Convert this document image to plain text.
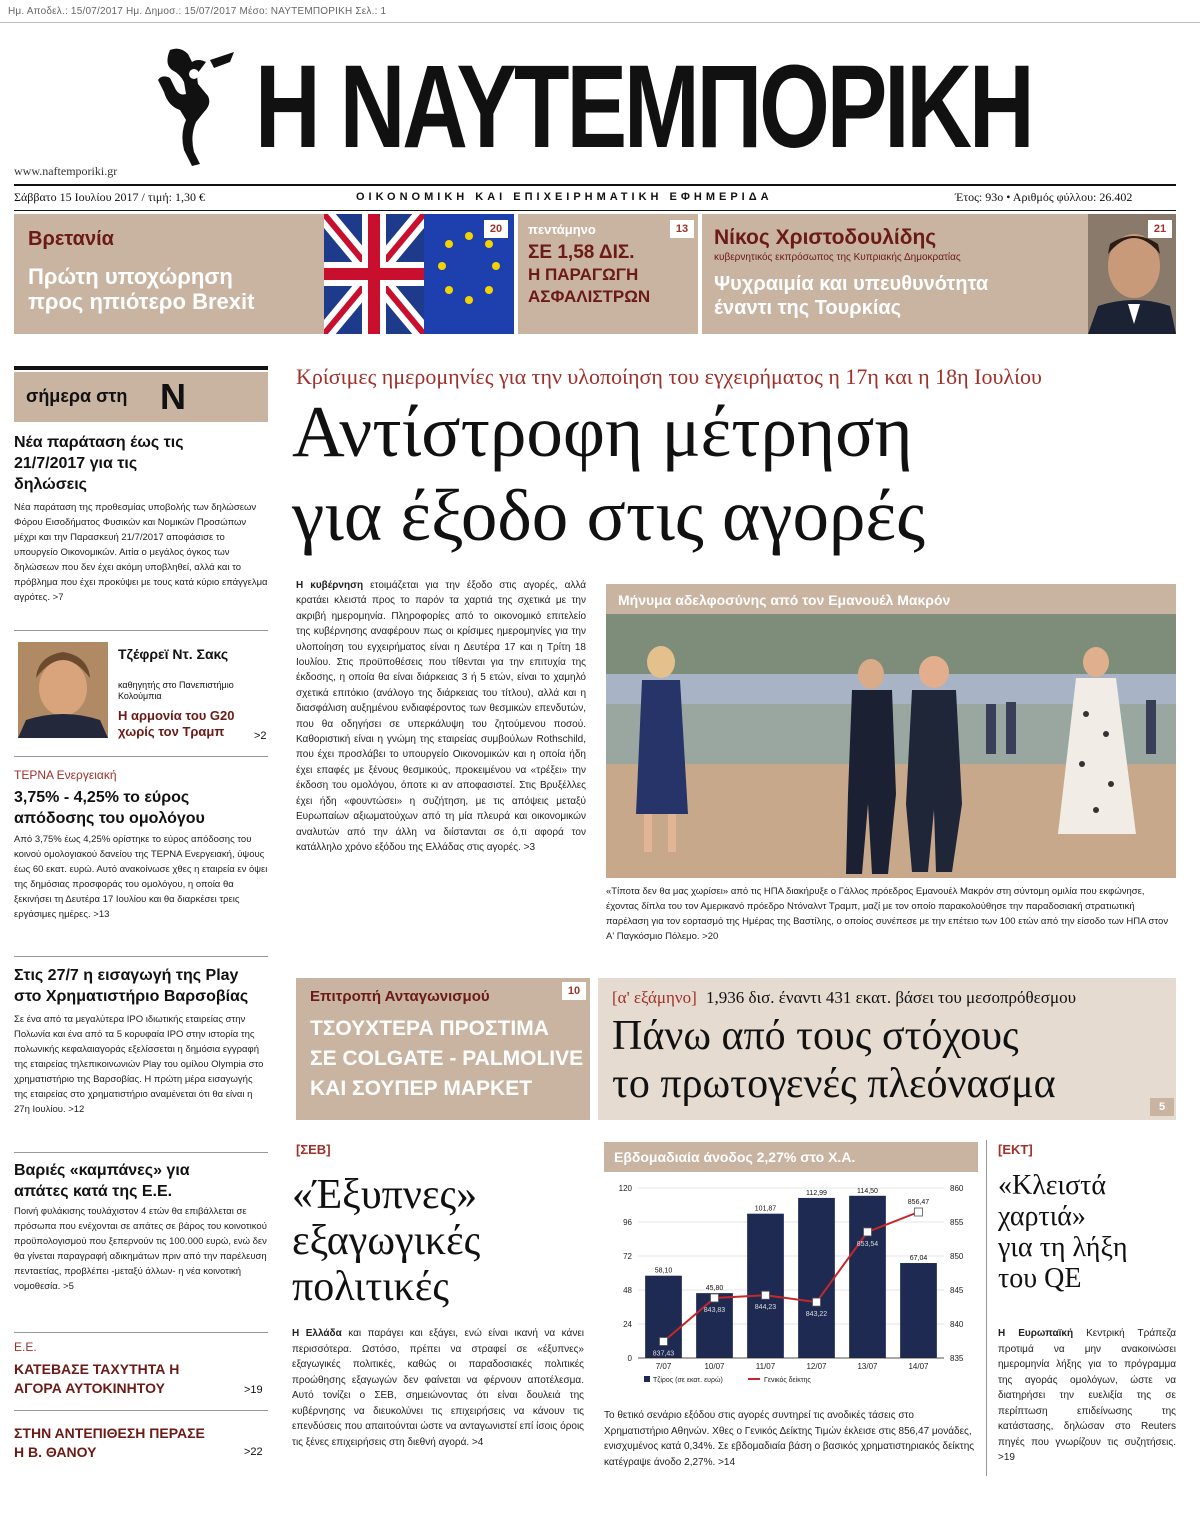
Ημ. Αποδελ.: 15/07/2017 Ημ. Δημοσ.: 15/07/2017 Μέσο: ΝΑΥΤΕΜΠΟΡΙΚΗ Σελ.: 1
Η ΝΑΥΤΕΜΠΟΡΙΚΗ
www.naftemporiki.gr
Σάββατο 15 Ιουλίου 2017 / τιμή: 1,30 €	ΟΙΚΟΝΟΜΙΚΗ ΚΑΙ ΕΠΙΧΕΙΡΗΜΑΤΙΚΗ ΕΦΗΜΕΡΙΔΑ	Έτος: 93ο • Αριθμός φύλλου: 26.402
Βρετανία
Πρώτη υποχώρηση
προς ηπιότερο Brexit
20	πεντάμηνο
ΣΕ 1,58 ΔΙΣ.
Η ΠΑΡΑΓΩΓΗ
ΑΣΦΑΛΙΣΤΡΩΝ
13 Νίκος Χριστοδουλίδης
κυβερνητικός εκπρόσωπος της Κυπριακής Δημοκρατίας
Ψυχραιμία και υπευθυνότητα
έναντι της Τουρκίας
21
σήμερα στη Ν
Νέα παράταση έως τις 21/7/2017 για τις δηλώσεις
Νέα παράταση της προθεσμίας υποβολής των δηλώσεων Φόρου Εισοδήματος Φυσικών και Νομικών Προσώπων μέχρι και την Παρασκευή 21/7/2017 αποφάσισε το υπουργείο Οικονομικών. Αιτία ο μεγάλος όγκος των δηλώσεων που δεν έχει ακόμη υποβληθεί, αλλά και το πρόβλημα που έχει προκύψει με τους κατά κύριο επάγγελμα αγρότες. >7
Τζέφρεϊ Ντ. Σακς
καθηγητής στο Πανεπιστήμιο Κολούμπια
Η αρμονία του G20 χωρίς τον Τραμπ	>2
ΤΕΡΝΑ Ενεργειακή
3,75% - 4,25% το εύρος απόδοσης του ομολόγου
Από 3,75% έως 4,25% ορίστηκε το εύρος απόδοσης του κοινού ομολογιακού δανείου της ΤΕΡΝΑ Ενεργειακή, ύψους έως 60 εκατ. ευρώ. Αυτό ανακοίνωσε χθες η εταιρεία εν όψει της δημόσιας προσφοράς του ομολόγου, η οποία θα ξεκινήσει τη Δευτέρα 17 Ιουλίου και θα διαρκέσει τρεις εργάσιμες ημέρες. >13
Στις 27/7 η εισαγωγή της Play στο Χρηματιστήριο Βαρσοβίας
Σε ένα από τα μεγαλύτερα IPO ιδιωτικής εταιρείας στην Πολωνία και ένα από τα 5 κορυφαία IPO στην ιστορία της πολωνικής κεφαλαιαγοράς εξελίσσεται η δημόσια εγγραφή της εταιρείας τηλεπικοινωνιών Play του ομίλου Olympia στο χρηματιστήριο της Βαρσοβίας. Η πρώτη μέρα εισαγωγής της εταιρείας στο χρηματιστήριο αναμένεται ότι θα είναι η 27η Ιουλίου. >12
Βαριές «καμπάνες» για απάτες κατά της Ε.Ε.
Ποινή φυλάκισης τουλάχιστον 4 ετών θα επιβάλλεται σε πρόσωπα που ενέχονται σε απάτες σε βάρος του κοινοτικού προϋπολογισμού που ξεπερνούν τις 100.000 ευρώ, ενώ δεν θα γίνεται παραγραφή αδικημάτων πριν από την παρέλευση πενταετίας, προβλέπει -μεταξύ άλλων- η νέα κοινοτική νομοθεσία. >5
Ε.Ε.
ΚΑΤΕΒΑΣΕ ΤΑΧΥΤΗΤΑ Η ΑΓΟΡΑ ΑΥΤΟΚΙΝΗΤΟΥ	>19
ΣΤΗΝ ΑΝΤΕΠΙΘΕΣΗ ΠΕΡΑΣΕ Η Β. ΘΑΝΟΥ	>22
Κρίσιμες ημερομηνίες για την υλοποίηση του εγχειρήματος η 17η και η 18η Ιουλίου
Αντίστροφη μέτρηση
για έξοδο στις αγορές
Η κυβέρνηση ετοιμάζεται για την έξοδο στις αγορές, αλλά κρατάει κλειστά προς το παρόν τα χαρτιά της σχετικά με την ακριβή ημερομηνία. Πληροφορίες από το οικονομικό επιτελείο της κυβέρνησης αναφέρουν πως οι κρίσιμες ημερομηνίες για την υλοποίηση του εγχειρήματος είναι η Δευτέρα 17 και η Τρίτη 18 Ιουλίου. Στις προϋποθέσεις που τίθενται για την επιτυχία της έκδοσης, η οποία θα είναι διάρκειας 3 ή 5 ετών, είναι το χαμηλό σχετικά επιτόκιο (ανάλογο της διάρκειας του τίτλου), αλλά και η διασφάλιση αυξημένου ενδιαφέροντος των θεσμικών επενδυτών, που θα οδηγήσει σε υπερκάλυψη του ζητούμενου ποσού. Καθοριστική είναι η γνώμη της εταιρείας συμβούλων Rothschild, που έχει προσλάβει το υπουργείο Οικονομικών και η οποία ήδη έχει επαφές με ξένους θεσμικούς, προκειμένου να «τρέξει» την έκδοση του ομολόγου, όποτε κι αν αποφασιστεί. Στις Βρυξέλλες έχει ήδη «φουντώσει» η συζήτηση, με τις απόψεις μεταξύ Ευρωπαίων αξιωματούχων από τη μία πλευρά και οικονομικών αναλυτών από την άλλη να διίστανται σε ό,τι αφορά τον κατάλληλο χρόνο εξόδου της Ελλάδας στις αγορές. >3
Μήνυμα αδελφοσύνης από τον Εμανουέλ Μακρόν
«Τίποτα δεν θα μας χωρίσει» από τις ΗΠΑ διακήρυξε ο Γάλλος πρόεδρος Εμανουέλ Μακρόν στη σύντομη ομιλία που εκφώνησε, έχοντας δίπλα του τον Αμερικανό πρόεδρο Ντόναλντ Τραμπ, μαζί με τον οποίο παρακολούθησε την παραδοσιακή στρατιωτική παρέλαση για τον εορτασμό της Ημέρας της Βαστίλης, ο οποίος συνέπεσε με την επέτειο των 100 ετών από την είσοδο των ΗΠΑ στον Α' Παγκόσμιο Πόλεμο. >20
Επιτροπή Ανταγωνισμού
ΤΣΟΥΧΤΕΡΑ ΠΡΟΣΤΙΜΑ
ΣΕ COLGATE - PALMOLIVE
ΚΑΙ ΣΟΥΠΕΡ ΜΑΡΚΕΤ
10	[α' εξάμηνο] 1,936 δισ. έναντι 431 εκατ. βάσει του μεσοπρόθεσμου
Πάνω από τους στόχους
το πρωτογενές πλεόνασμα	5
[ΣΕΒ]
«Έξυπνες»
εξαγωγικές
πολιτικές
Η Ελλάδα και παράγει και εξάγει, ενώ είναι ικανή να κάνει περισσότερα. Ωστόσο, πρέπει να στραφεί σε «έξυπνες» εξαγωγικές πολιτικές, καθώς οι παραδοσιακές πολιτικές προώθησης εξαγωγών δεν φαίνεται να φέρνουν αποτέλεσμα. Αυτό τονίζει ο ΣΕΒ, σημειώνοντας ότι είναι δουλειά της κυβέρνησης να διευκολύνει τις επιχειρήσεις να κάνουν τις επενδύσεις που απαιτούνται ώστε να ανταγωνιστεί επί ίσοις όροις τις ξένες επιχειρήσεις στη διεθνή αγορά. >4
Εβδομαδιαία άνοδος 2,27% στο Χ.Α.
58,10
45,80
101,87
112,99	114,50
67,04
837,43
843,83	844,23
843,22
853,54
856,47
0
24
48
72
96
120
835
840
845
850
855
860
7/07	10/07	11/07	12/07	13/07	14/07
Τζίρος (σε εκατ. ευρώ)	Γενικός δείκτης
Το θετικό σενάριο εξόδου στις αγορές συντηρεί τις ανοδικές τάσεις στο Χρηματιστήριο Αθηνών. Χθες ο Γενικός Δείκτης Τιμών έκλεισε στις 856,47 μονάδες, ενισχυμένος κατά 0,34%. Σε εβδομαδιαία βάση ο βασικός χρηματιστηριακός δείκτης κατέγραψε άνοδο 2,27%. >14
[ΕΚΤ]
«Κλειστά
χαρτιά»
για τη λήξη
του QE
Η Ευρωπαϊκή Κεντρική Τράπεζα προτιμά να μην ανακοινώσει ημερομηνία λήξης για το πρόγραμμα της αγοράς ομολόγων, ώστε να διατηρήσει την ευελιξία της σε περίπτωση επιδείνωσης της κατάστασης, δηλώσαν στο Reuters πηγές που γνωρίζουν τις συζητήσεις. >19
